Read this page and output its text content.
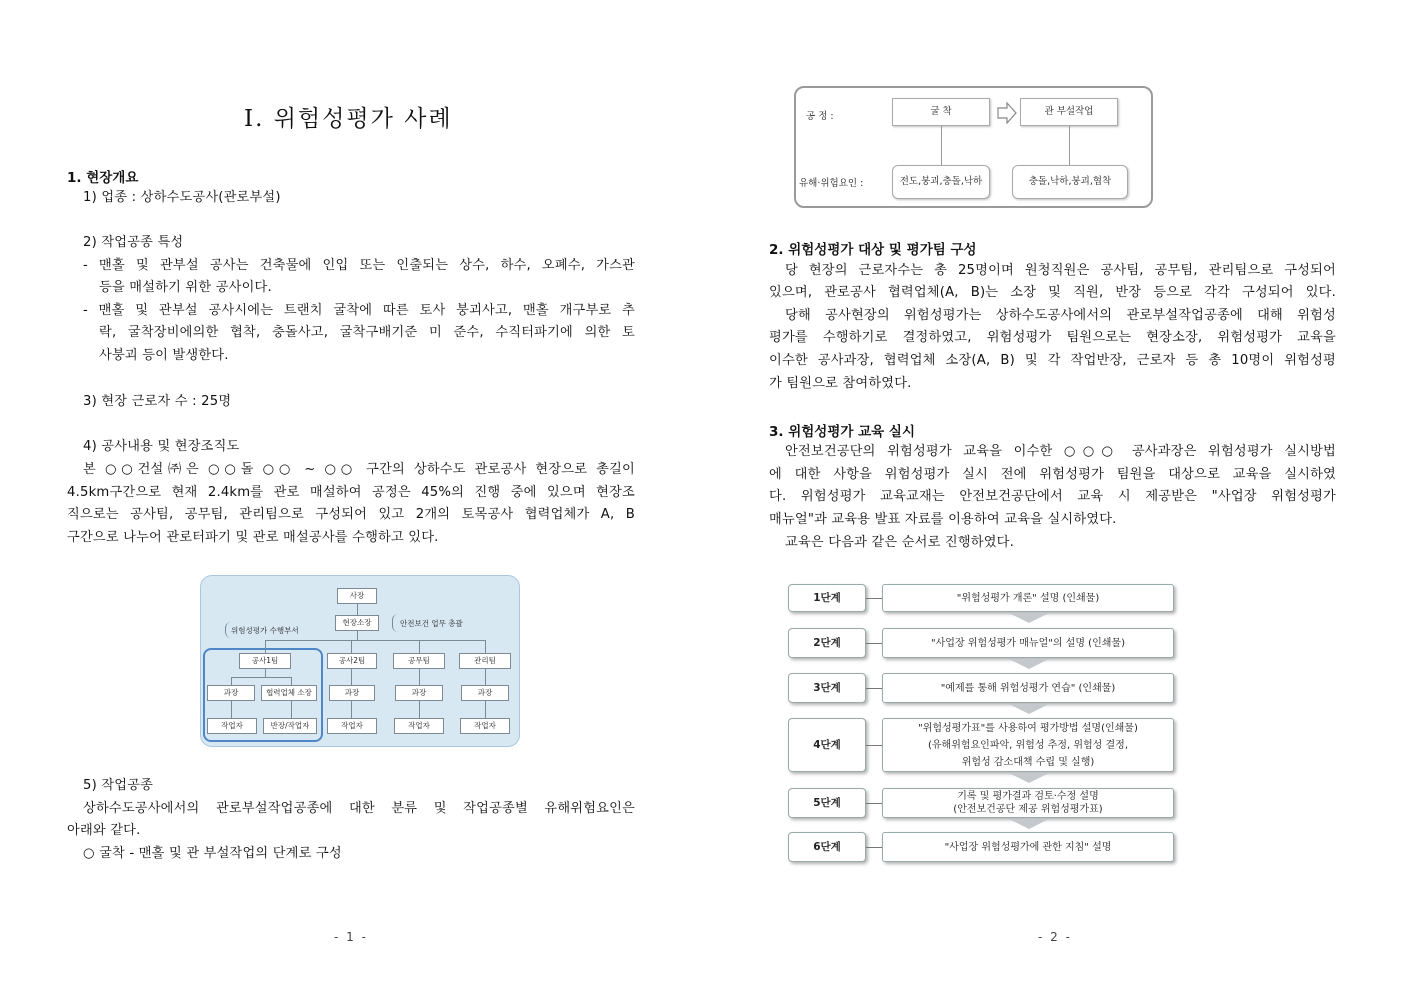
Ⅰ. 위험성평가 사례
1. 현장개요
1) 업종 : 상하수도공사(관로부설)
2) 작업공종 특성
- 맨홀 및 관부설 공사는 건축물에 인입 또는 인출되는 상수, 하수, 오폐수, 가스관
등을 매설하기 위한 공사이다.
- 맨홀 및 관부설 공사시에는 트랜치 굴착에 따른 토사 붕괴사고, 맨홀 개구부로 추
락, 굴착장비에의한 협착, 충돌사고, 굴착구배기준 미 준수, 수직터파기에 의한 토
사붕괴 등이 발생한다.
3) 현장 근로자 수 : 25명
4) 공사내용 및 현장조직도
본 ○○건설㈜은 ○○돌 ○○ ~ ○○ 구간의 상하수도 관로공사 현장으로 총길이
4.5km구간으로 현재 2.4km를 관로 매설하여 공정은 45%의 진행 중에 있으며 현장조
직으로는 공사팀, 공무팀, 관리팀으로 구성되어 있고 2개의 토목공사 협력업체가 A, B
구간으로 나누어 관로터파기 및 관로 매설공사를 수행하고 있다.
사장
현장소장	안전보건 업무 총괄
위험성평가 수행부서
공사1팀	공사2팀	공무팀	관리팀
과장	협력업체 소장	과장	과장	과장
작업자	반장/작업자	작업자	작업자	작업자
5) 작업공종
상하수도공사에서의 관로부설작업공종에 대한 분류 및 작업공종별 유해위험요인은
아래와 같다.
○ 굴착 - 맨홀 및 관 부설작업의 단계로 구성
- 1 -
공 정 :	굴 착	관 부설작업
유해·위험요인 :	전도,붕괴,충돌,낙하	충돌,낙하,붕괴,협착
2. 위험성평가 대상 및 평가팀 구성
당 현장의 근로자수는 총 25명이며 원청직원은 공사팀, 공무팀, 관리팀으로 구성되어
있으며, 관로공사 협력업체(A, B)는 소장 및 직원, 반장 등으로 각각 구성되어 있다.
당해 공사현장의 위험성평가는 상하수도공사에서의 관로부설작업공종에 대해 위험성
평가를 수행하기로 결정하였고, 위험성평가 팀원으로는 현장소장, 위험성평가 교육을
이수한 공사과장, 협력업체 소장(A, B) 및 각 작업반장, 근로자 등 총 10명이 위험성평
가 팀원으로 참여하였다.
3. 위험성평가 교육 실시
안전보건공단의 위험성평가 교육을 이수한 ○○○ 공사과장은 위험성평가 실시방법
에 대한 사항을 위험성평가 실시 전에 위험성평가 팀원을 대상으로 교육을 실시하였
다. 위험성평가 교육교재는 안전보건공단에서 교육 시 제공받은 "사업장 위험성평가
매뉴얼"과 교육용 발표 자료를 이용하여 교육을 실시하였다.
교육은 다음과 같은 순서로 진행하였다.
1단계	"위험성평가 개론" 설명 (인쇄물)
2단계	"사업장 위험성평가 매뉴얼"의 설명 (인쇄물)
3단계	"예제를 통해 위험성평가 연습" (인쇄물)
4단계
"위험성평가표"를 사용하여 평가방법 설명(인쇄물)
(유해위험요인파악, 위험성 추정, 위험성 결정,
위험성 감소대책 수립 및 실행)
5단계
기록 및 평가결과 검토·수정 설명
(안전보건공단 제공 위험성평가표)
6단계	"사업장 위험성평가에 관한 지침" 설명
- 2 -
